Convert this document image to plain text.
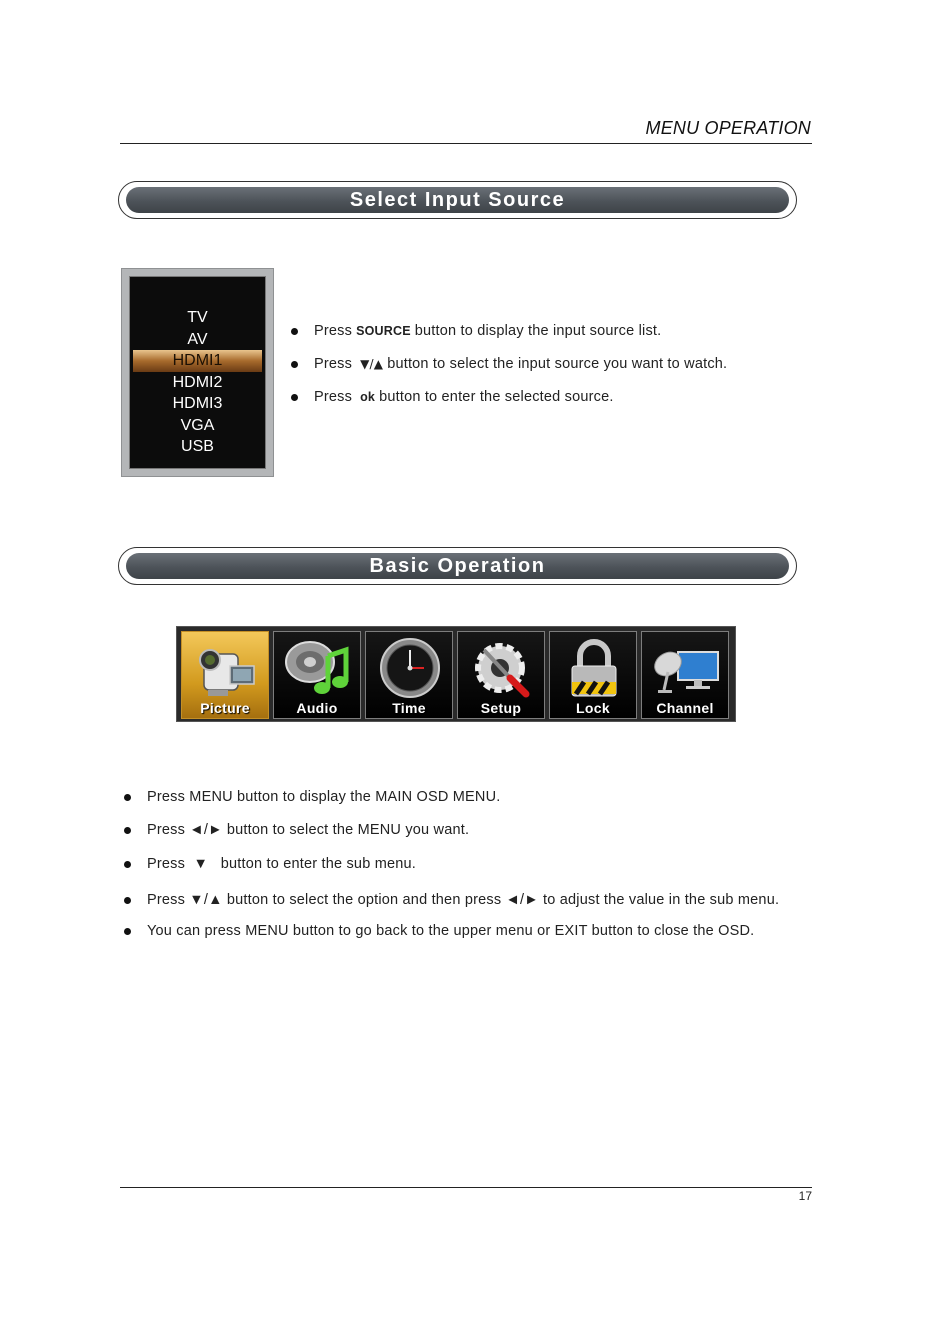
MENU OPERATION
Select Input Source
TV
AV
HDMI1
HDMI2
HDMI3
VGA
USB
Press SOURCE button to display the input source list.
Press ▼/▲ button to select the input source you want to watch.
Press ok button to enter the selected source.
Basic Operation
Picture	Audio	Time	Setup	Lock	Channel
Press MENU button to display the MAIN OSD MENU.
Press ◄/► button to select the MENU you want.
Press  ▼   button to enter the sub menu.
Press ▼/▲ button to select the option and then press ◄/► to adjust the value in the sub menu.
You can press MENU button to go back to the upper menu or EXIT button to close the OSD.
17
